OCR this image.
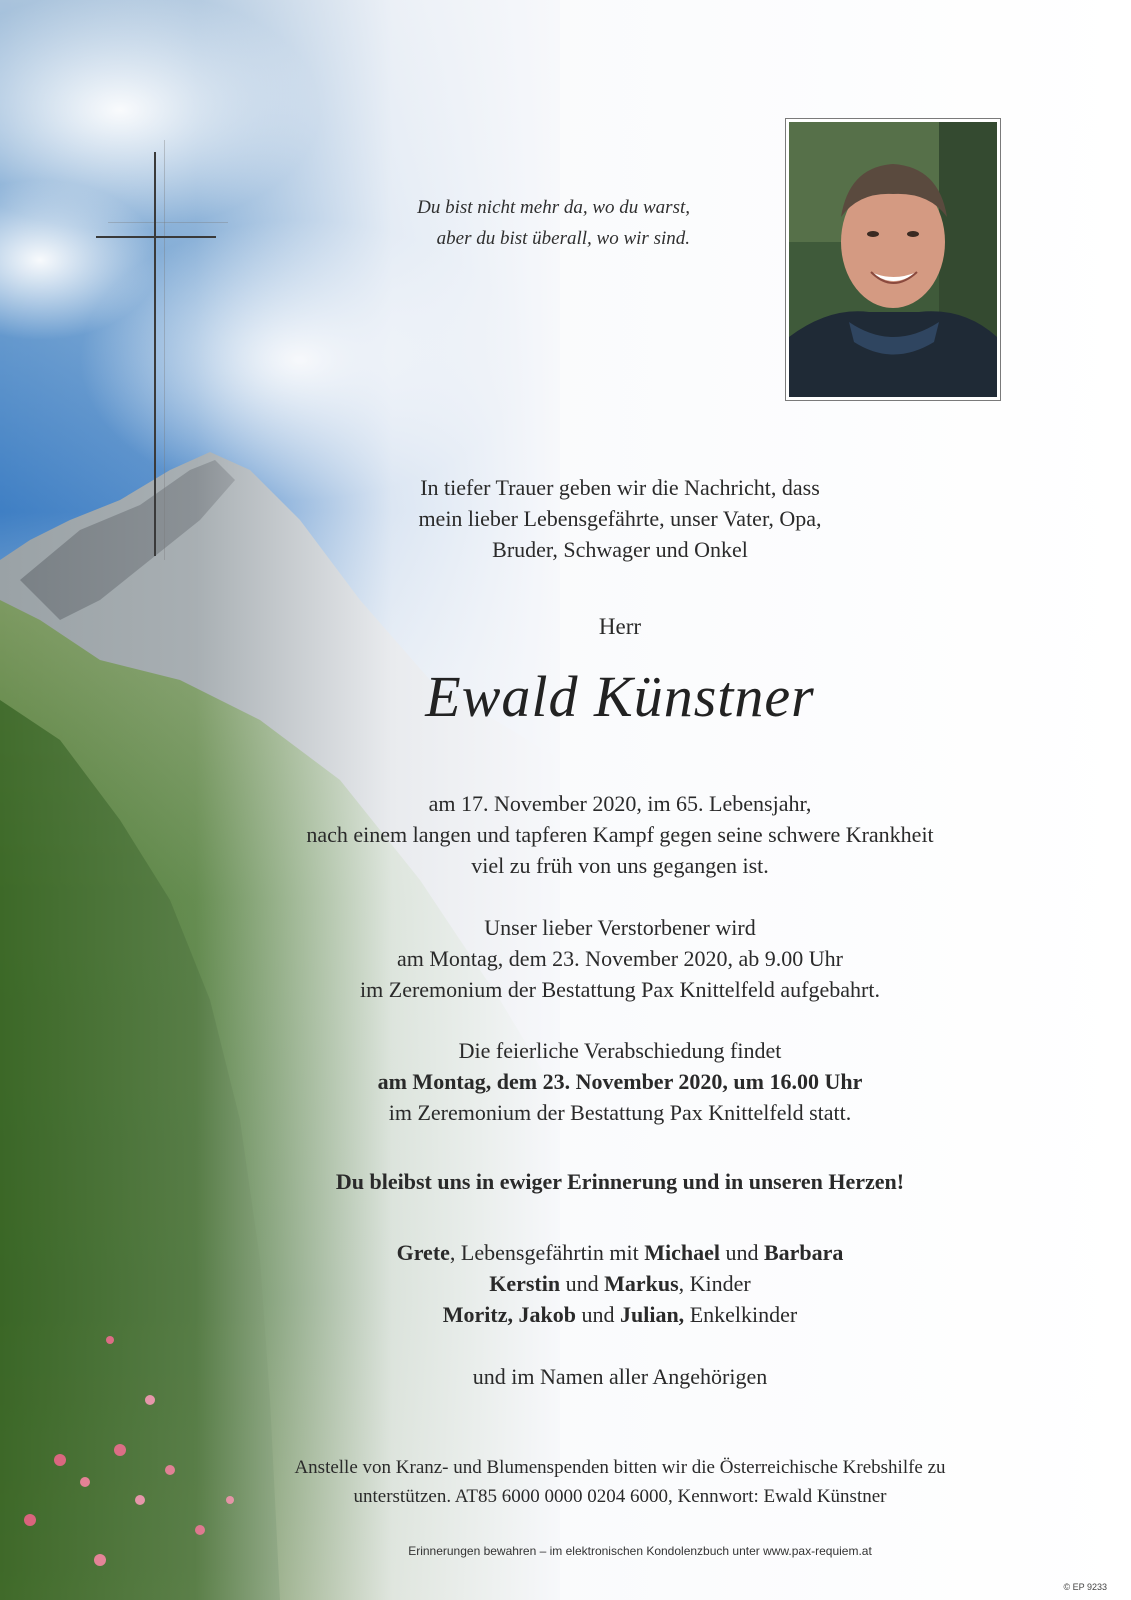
Du bist nicht mehr da, wo du warst,
aber du bist überall, wo wir sind.
In tiefer Trauer geben wir die Nachricht, dass
mein lieber Lebensgefährte, unser Vater, Opa,
Bruder, Schwager und Onkel
Herr
Ewald Künstner
am 17. November 2020, im 65. Lebensjahr,
nach einem langen und tapferen Kampf gegen seine schwere Krankheit
viel zu früh von uns gegangen ist.
Unser lieber Verstorbener wird
am Montag, dem 23. November 2020, ab 9.00 Uhr
im Zeremonium der Bestattung Pax Knittelfeld aufgebahrt.
Die feierliche Verabschiedung findet
am Montag, dem 23. November 2020, um 16.00 Uhr
im Zeremonium der Bestattung Pax Knittelfeld statt.
Du bleibst uns in ewiger Erinnerung und in unseren Herzen!
Grete, Lebensgefährtin mit Michael und Barbara
Kerstin und Markus, Kinder
Moritz, Jakob und Julian, Enkelkinder
und im Namen aller Angehörigen
Anstelle von Kranz- und Blumenspenden bitten wir die Österreichische Krebshilfe zu
unterstützen. AT85 6000 0000 0204 6000, Kennwort: Ewald Künstner
Erinnerungen bewahren – im elektronischen Kondolenzbuch unter www.pax-requiem.at
© EP 9233
